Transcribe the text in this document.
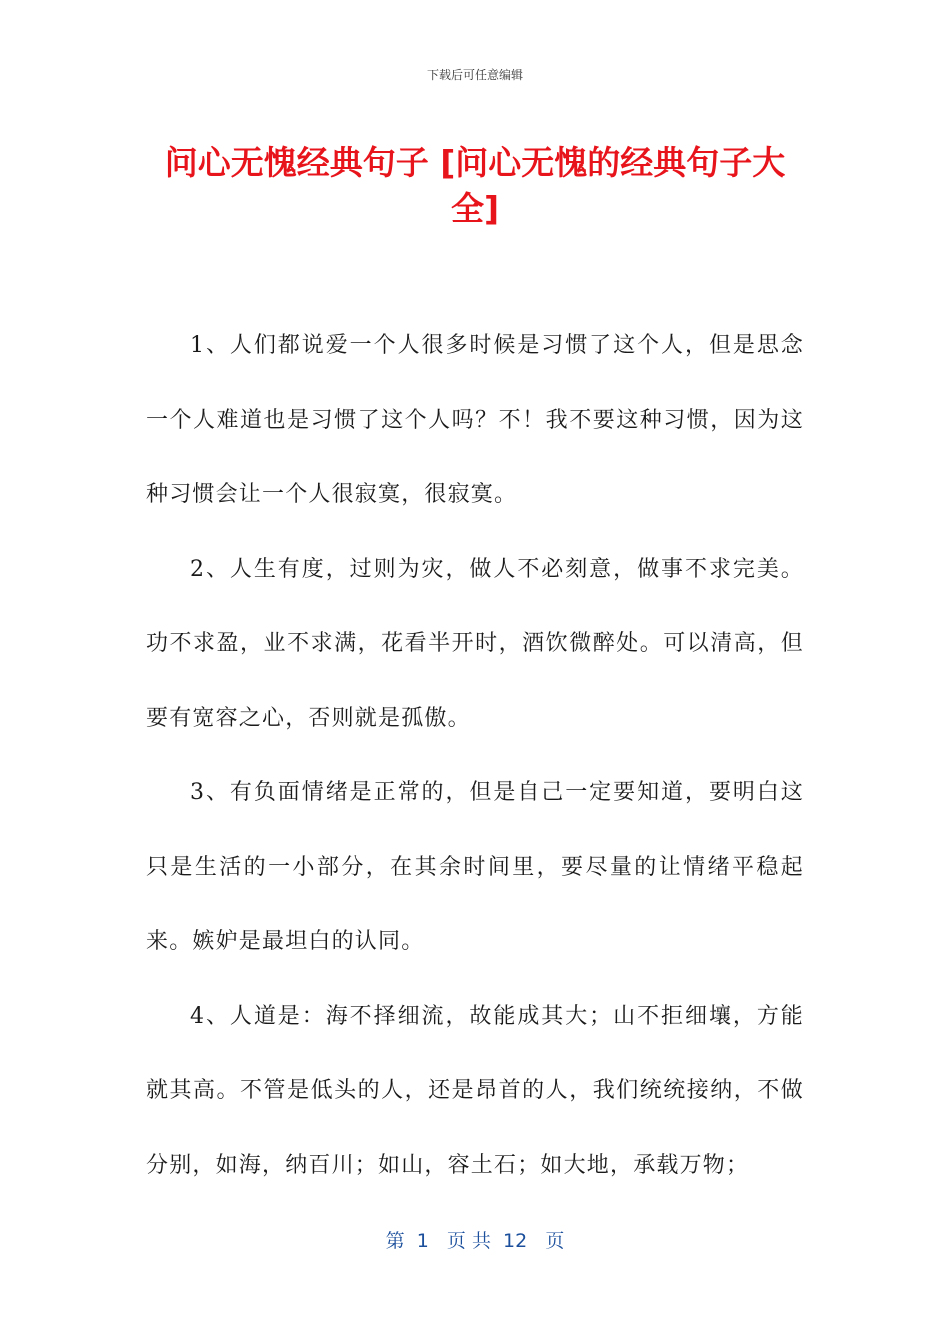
下载后可任意编辑
问心无愧经典句子 [问心无愧的经典句子大全]

1、人们都说爱一个人很多时候是习惯了这个人，但是思念一个人难道也是习惯了这个人吗？不！我不要这种习惯，因为这种习惯会让一个人很寂寞，很寂寞。

2、人生有度，过则为灾，做人不必刻意，做事不求完美。功不求盈，业不求满，花看半开时，酒饮微醉处。可以清高，但要有宽容之心，否则就是孤傲。

3、有负面情绪是正常的，但是自己一定要知道，要明白这只是生活的一小部分，在其余时间里，要尽量的让情绪平稳起来。嫉妒是最坦白的认同。

4、人道是：海不择细流，故能成其大；山不拒细壤，方能就其高。不管是低头的人，还是昂首的人，我们统统接纳，不做分别，如海，纳百川；如山，容土石；如大地，承载万物；

第  1   页 共  12   页
